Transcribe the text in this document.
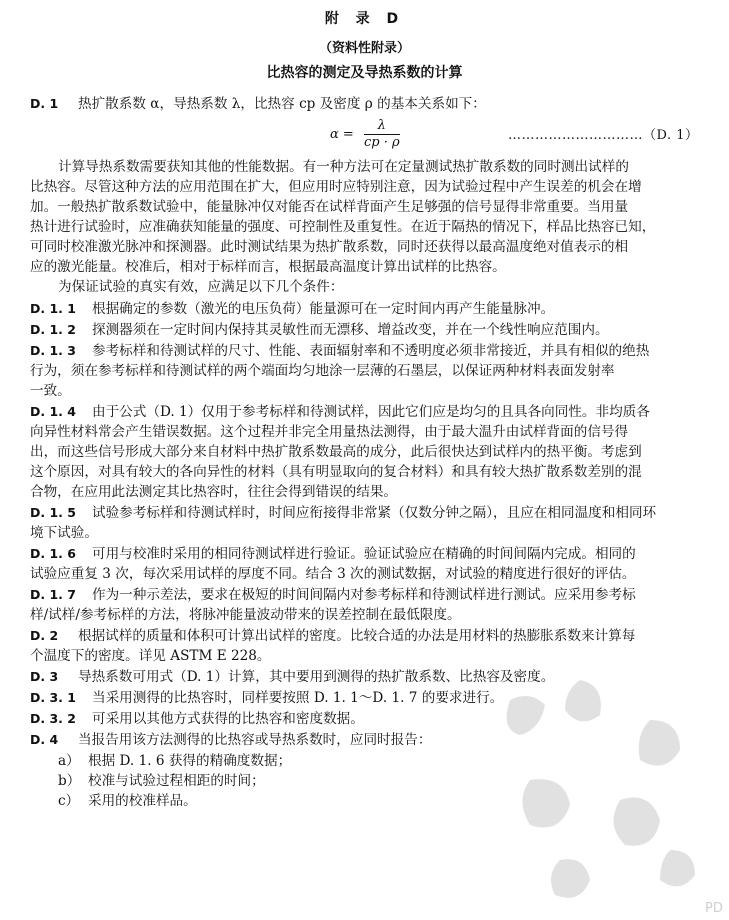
附 录 D
（资料性附录）
比热容的测定及导热系数的计算
D. 1 热扩散系数 α，导热系数 λ，比热容 cp 及密度 ρ 的基本关系如下：
$\alpha = \frac{\lambda}{cp \cdot \rho}$	…………………………（D. 1）
计算导热系数需要获知其他的性能数据。有一种方法可在定量测试热扩散系数的同时测出试样的
比热容。尽管这种方法的应用范围在扩大，但应用时应特别注意，因为试验过程中产生误差的机会在增
加。一般热扩散系数试验中，能量脉冲仅对能否在试样背面产生足够强的信号显得非常重要。当用量
热计进行试验时，应准确获知能量的强度、可控制性及重复性。在近于隔热的情况下，样品比热容已知，
可同时校准激光脉冲和探测器。此时测试结果为热扩散系数，同时还获得以最高温度绝对值表示的相
应的激光能量。校准后，相对于标样而言，根据最高温度计算出试样的比热容。
为保证试验的真实有效，应满足以下几个条件：
D. 1. 1 根据确定的参数（激光的电压负荷）能量源可在一定时间内再产生能量脉冲。
D. 1. 2 探测器须在一定时间内保持其灵敏性而无漂移、增益改变，并在一个线性响应范围内。
D. 1. 3 参考标样和待测试样的尺寸、性能、表面辐射率和不透明度必须非常接近，并具有相似的绝热
行为，须在参考标样和待测试样的两个端面均匀地涂一层薄的石墨层，以保证两种材料表面发射率
一致。
D. 1. 4 由于公式（D. 1）仅用于参考标样和待测试样，因此它们应是均匀的且具各向同性。非均质各
向异性材料常会产生错误数据。这个过程并非完全用量热法测得，由于最大温升由试样背面的信号得
出，而这些信号形成大部分来自材料中热扩散系数最高的成分，此后很快达到试样内的热平衡。考虑到
这个原因，对具有较大的各向异性的材料（具有明显取向的复合材料）和具有较大热扩散系数差别的混
合物，在应用此法测定其比热容时，往往会得到错误的结果。
D. 1. 5 试验参考标样和待测试样时，时间应衔接得非常紧（仅数分钟之隔），且应在相同温度和相同环
境下试验。
D. 1. 6 可用与校准时采用的相同待测试样进行验证。验证试验应在精确的时间间隔内完成。相同的
试验应重复 3 次，每次采用试样的厚度不同。结合 3 次的测试数据，对试验的精度进行很好的评估。
D. 1. 7 作为一种示差法，要求在极短的时间间隔内对参考标样和待测试样进行测试。应采用参考标
样/试样/参考标样的方法，将脉冲能量波动带来的误差控制在最低限度。
D. 2 根据试样的质量和体积可计算出试样的密度。比较合适的办法是用材料的热膨胀系数来计算每
个温度下的密度。详见 ASTM E 228。
D. 3 导热系数可用式（D. 1）计算，其中要用到测得的热扩散系数、比热容及密度。
D. 3. 1 当采用测得的比热容时，同样要按照 D. 1. 1～D. 1. 7 的要求进行。
D. 3. 2 可采用以其他方式获得的比热容和密度数据。
D. 4 当报告用该方法测得的比热容或导热系数时，应同时报告：
a） 根据 D. 1. 6 获得的精确度数据；
b） 校准与试验过程相距的时间；
c） 采用的校准样品。
PD
